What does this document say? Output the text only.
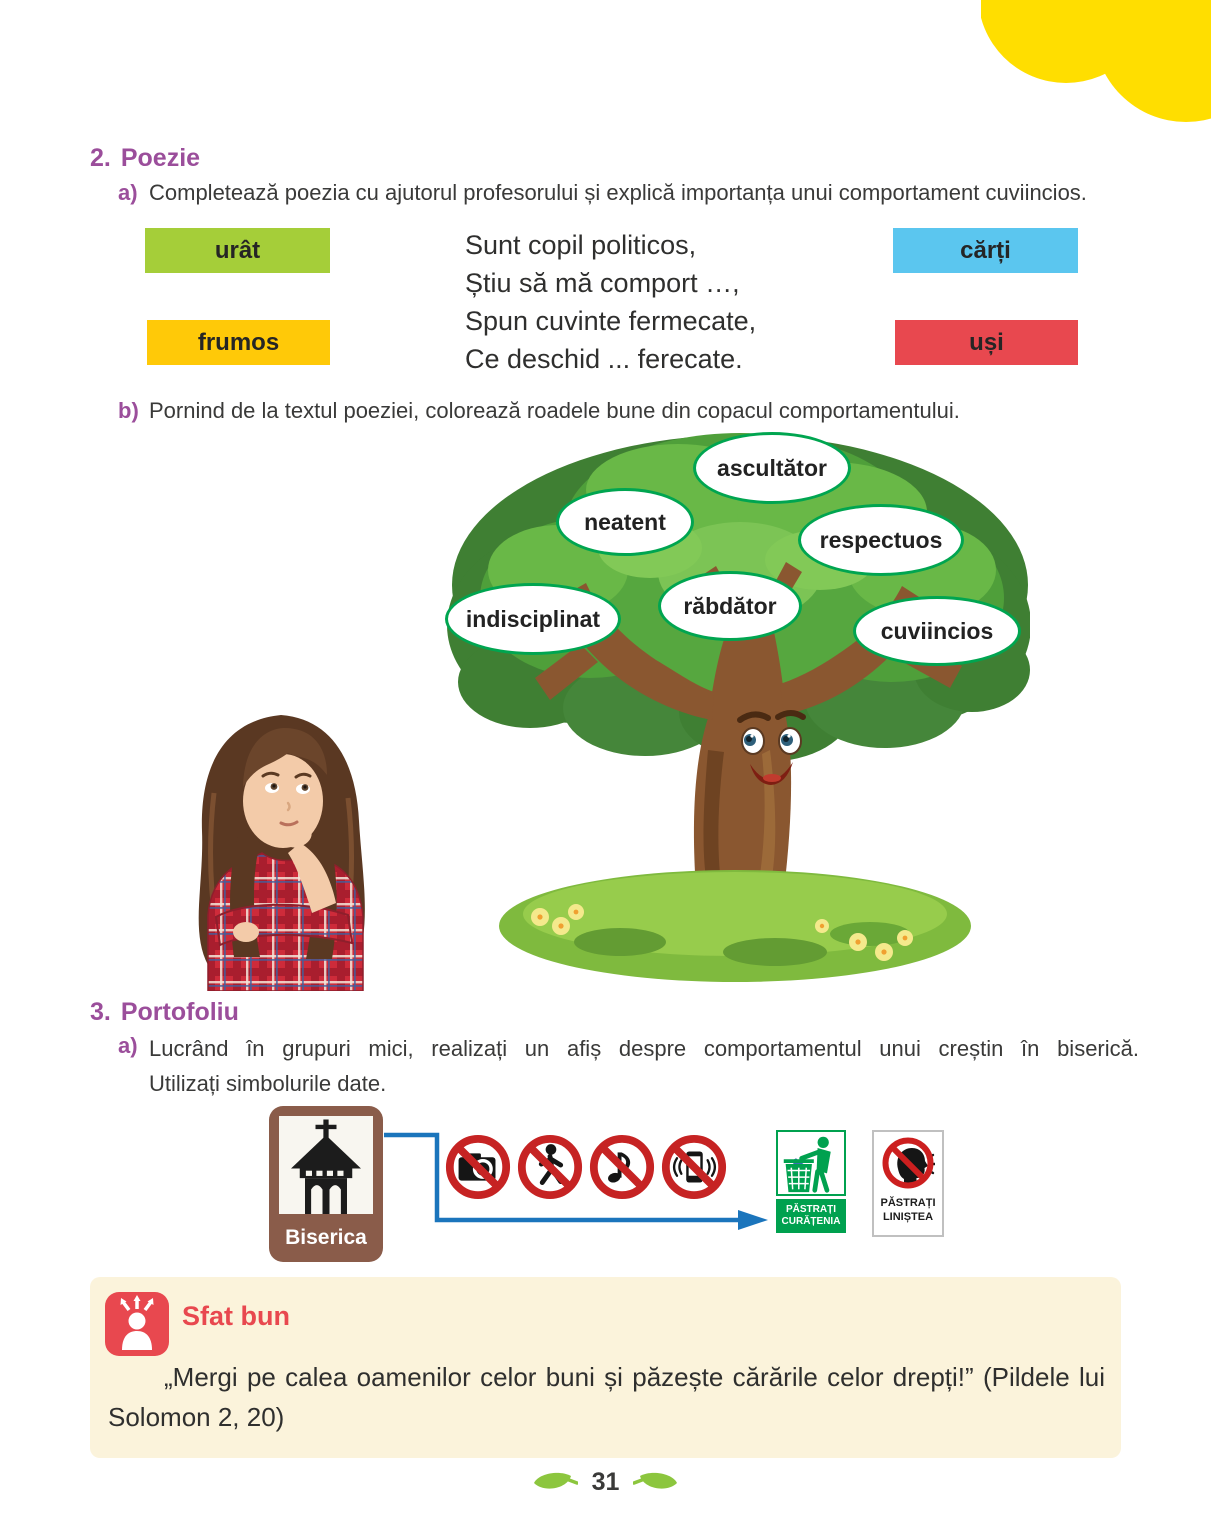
2. Poezie
a) Completează poezia cu ajutorul profesorului și explică importanța unui comportament cuviincios.
urât
frumos
cărți
uși
Sunt copil politicos,
Știu să mă comport …,
Spun cuvinte fermecate,
Ce deschid ... ferecate.
b) Pornind de la textul poeziei, colorează roadele bune din copacul comportamentului.
ascultător
neatent
respectuos
indisciplinat	răbdător
cuviincios
3. Portofoliu
a) Lucrând în grupuri mici, realizați un afiș despre comportamentul unui creștin în biserică.
Utilizați simbolurile date.
Biserica
PĂSTRAȚI
CURĂȚENIA
PĂSTRAȚI
LINIȘTEA
Sfat bun
„Mergi pe calea oamenilor celor buni și păzește cărările celor drepți!” (Pildele lui Solomon 2, 20)
31
